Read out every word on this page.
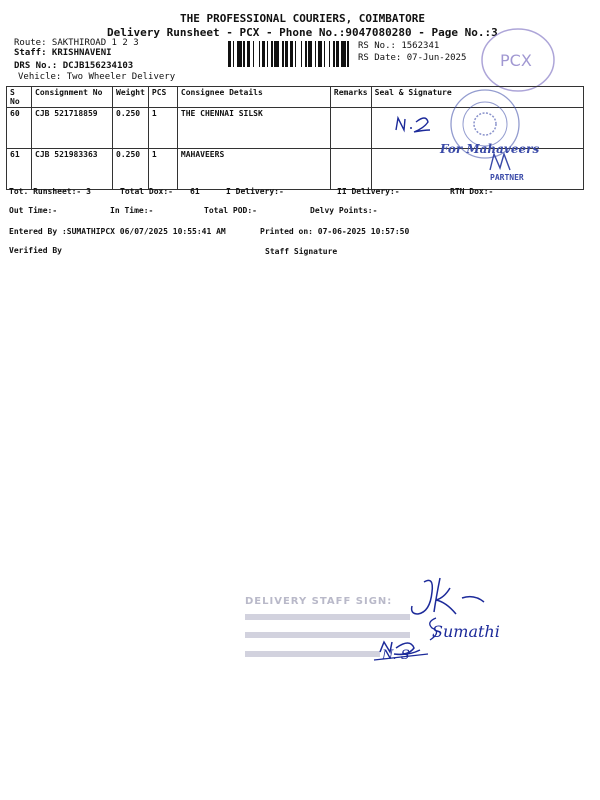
THE PROFESSIONAL COURIERS, COIMBATORE
Delivery Runsheet - PCX - Phone No.:9047080280 - Page No.:3
Route: SAKTHIROAD 1 2 3
Staff: KRISHNAVENI
DRS No.: DCJB156234103
Vehicle: Two Wheeler Delivery
RS No.: 1562341
RS Date: 07-Jun-2025 PCX
S No	Consignment No	Weight	PCS	Consignee Details	Remarks	Seal & Signature
60	CJB 521718859	0.250	1	THE CHENNAI SILSK		
61	CJB 521983363	0.250	1	MAHAVEERS			For Mahaveers
PARTNER
Tot. Runsheet:- 3	Total Dox:- 61	I Delivery:-	II Delivery:-	RTN Dox:-
Out Time:-	In Time:-	Total POD:-	Delvy Points:-
Entered By :SUMATHIPCX 06/07/2025 10:55:41 AM	Printed on: 07-06-2025 10:57:50
Verified By	Staff Signature
DELIVERY STAFF SIGN:
Sumathi
N. S
